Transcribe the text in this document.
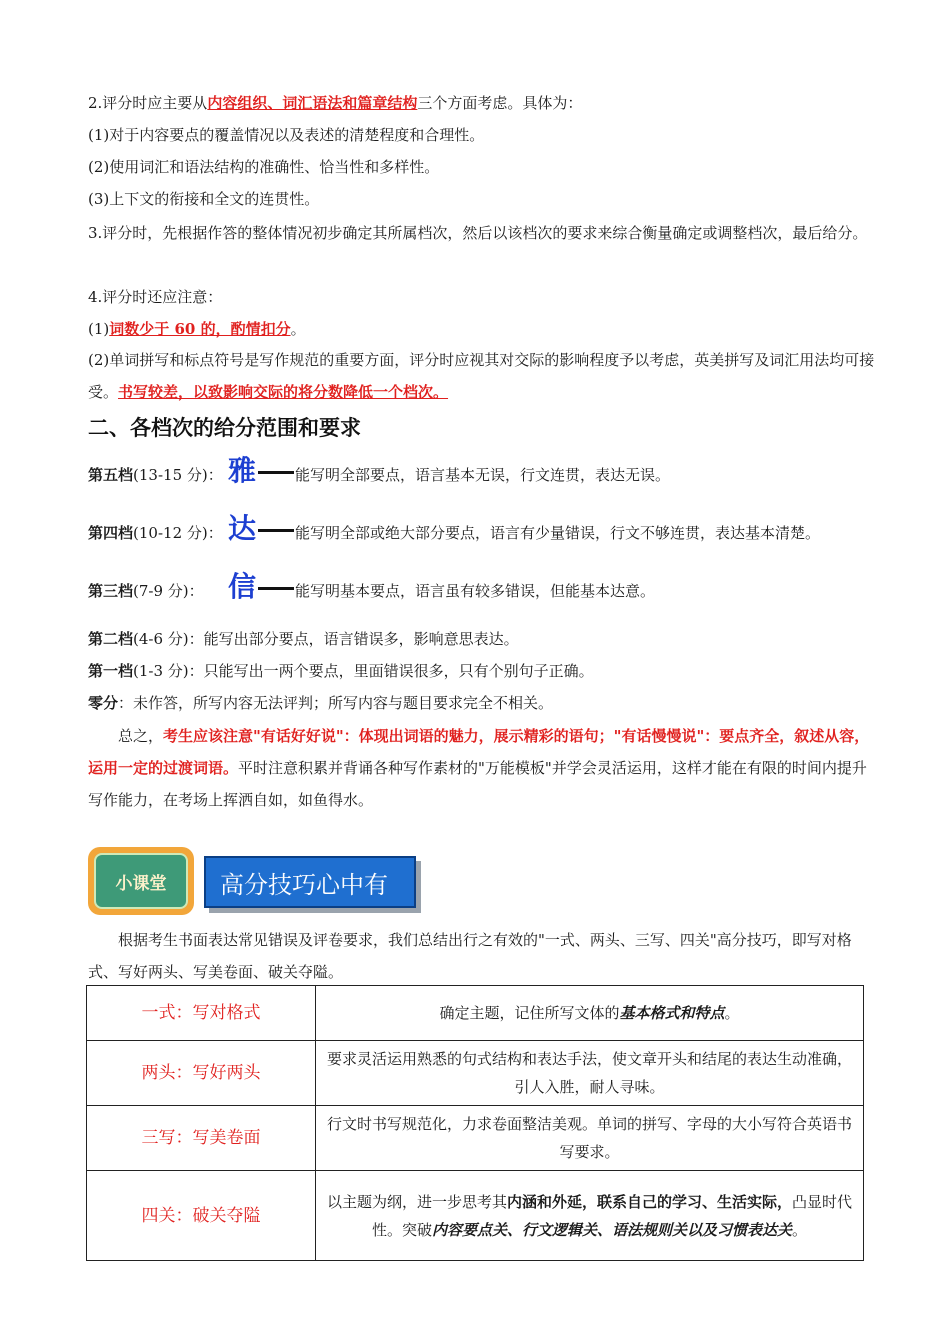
2.评分时应主要从内容组织、词汇语法和篇章结构三个方面考虑。具体为：
(1)对于内容要点的覆盖情况以及表述的清楚程度和合理性。
(2)使用词汇和语法结构的准确性、恰当性和多样性。
(3)上下文的衔接和全文的连贯性。
3.评分时，先根据作答的整体情况初步确定其所属档次，然后以该档次的要求来综合衡量确定或调整档次，最后给分。
4.评分时还应注意：
(1)词数少于 60 的，酌情扣分。
(2)单词拼写和标点符号是写作规范的重要方面，评分时应视其对交际的影响程度予以考虑，英美拼写及词汇用法均可接受。书写较差，以致影响交际的将分数降低一个档次。
二、各档次的给分范围和要求
第五档(13-15 分)： 雅	能写明全部要点，语言基本无误，行文连贯，表达无误。
第四档(10-12 分)： 达	能写明全部或绝大部分要点，语言有少量错误，行文不够连贯，表达基本清楚。
第三档(7-9 分)： 信	能写明基本要点，语言虽有较多错误，但能基本达意。
第二档(4-6 分)：能写出部分要点，语言错误多，影响意思表达。
第一档(1-3 分)：只能写出一两个要点，里面错误很多，只有个别句子正确。
零分：未作答，所写内容无法评判；所写内容与题目要求完全不相关。
总之，考生应该注意"有话好好说"：体现出词语的魅力，展示精彩的语句；"有话慢慢说"：要点齐全，叙述从容，运用一定的过渡词语。平时注意积累并背诵各种写作素材的"万能模板"并学会灵活运用，这样才能在有限的时间内提升写作能力，在考场上挥洒自如，如鱼得水。
小课堂	高分技巧心中有
根据考生书面表达常见错误及评卷要求，我们总结出行之有效的"一式、两头、三写、四关"高分技巧，即写对格式、写好两头、写美卷面、破关夺隘。
一式：写对格式	确定主题，记住所写文体的基本格式和特点。
两头：写好两头	要求灵活运用熟悉的句式结构和表达手法，使文章开头和结尾的表达生动准确，引人入胜，耐人寻味。
三写：写美卷面	行文时书写规范化，力求卷面整洁美观。单词的拼写、字母的大小写符合英语书写要求。
四关：破关夺隘	以主题为纲，进一步思考其内涵和外延，联系自己的学习、生活实际，凸显时代性。突破内容要点关、行文逻辑关、语法规则关以及习惯表达关。
